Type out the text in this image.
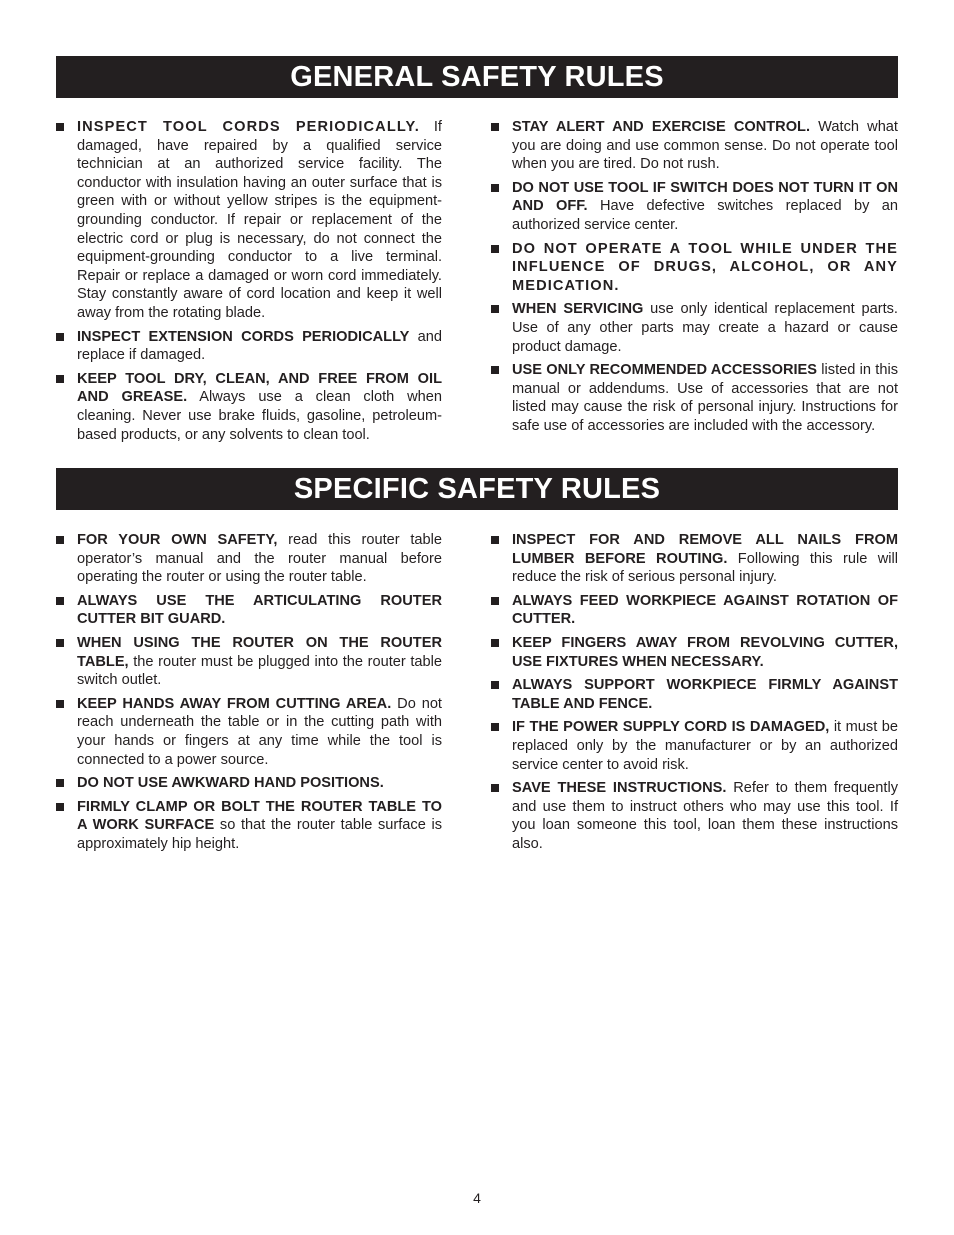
GENERAL SAFETY RULES
INSPECT TOOL CORDS PERIODICALLY. If damaged, have repaired by a qualified service technician at an authorized service facility. The conductor with insulation having an outer surface that is green with or without yellow stripes is the equipment-grounding conductor. If repair or replacement of the electric cord or plug is necessary, do not connect the equipment-grounding conductor to a live terminal. Repair or replace a damaged or worn cord immediately. Stay constantly aware of cord location and keep it well away from the rotating blade.
INSPECT EXTENSION CORDS PERIODICALLY and replace if damaged.
KEEP TOOL DRY, CLEAN, AND FREE FROM OIL AND GREASE. Always use a clean cloth when cleaning. Never use brake fluids, gasoline, petroleum-based products, or any solvents to clean tool.
STAY ALERT AND EXERCISE CONTROL. Watch what you are doing and use common sense. Do not operate tool when you are tired. Do not rush.
DO NOT USE TOOL IF SWITCH DOES NOT TURN IT ON AND OFF. Have defective switches replaced by an authorized service center.
DO NOT OPERATE A TOOL WHILE UNDER THE INFLUENCE OF DRUGS, ALCOHOL, OR ANY MEDICATION.
WHEN SERVICING use only identical replacement parts. Use of any other parts may create a hazard or cause product damage.
USE ONLY RECOMMENDED ACCESSORIES listed in this manual or addendums. Use of accessories that are not listed may cause the risk of personal injury. Instructions for safe use of accessories are included with the accessory.
SPECIFIC SAFETY RULES
FOR YOUR OWN SAFETY, read this router table operator’s manual and the router manual before operating the router or using the router table.
ALWAYS USE THE ARTICULATING ROUTER CUTTER BIT GUARD.
WHEN USING THE ROUTER ON THE ROUTER TABLE, the router must be plugged into the router table switch outlet.
KEEP HANDS AWAY FROM CUTTING AREA. Do not reach underneath the table or in the cutting path with your hands or fingers at any time while the tool is connected to a power source.
DO NOT USE AWKWARD HAND POSITIONS.
FIRMLY CLAMP OR BOLT THE ROUTER TABLE TO A WORK SURFACE so that the router table surface is approximately hip height.
INSPECT FOR AND REMOVE ALL NAILS FROM LUMBER BEFORE ROUTING. Following this rule will reduce the risk of serious personal injury.
ALWAYS FEED WORKPIECE AGAINST ROTATION OF CUTTER.
KEEP FINGERS AWAY FROM REVOLVING CUTTER, USE FIXTURES WHEN NECESSARY.
ALWAYS SUPPORT WORKPIECE FIRMLY AGAINST TABLE AND FENCE.
IF THE POWER SUPPLY CORD IS DAMAGED, it must be replaced only by the manufacturer or by an authorized service center to avoid risk.
SAVE THESE INSTRUCTIONS. Refer to them frequently and use them to instruct others who may use this tool. If you loan someone this tool, loan them these instructions also.
4
